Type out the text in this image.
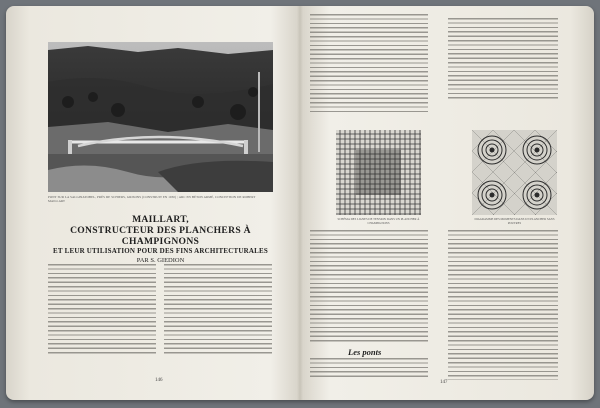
PONT SUR LA SALGINATOBEL, PRÈS DE SCHIERS, GRISONS (CONSTRUIT EN 1930) ; ARC EN BÉTON ARMÉ, CONCEPTION DE ROBERT MAILLART
MAILLART,
CONSTRUCTEUR DES PLANCHERS À CHAMPIGNONS
ET LEUR UTILISATION POUR DES FINS ARCHITECTURALES
PAR S. GIEDION
146
SCHÉMA DES LIGNES DE TENSION DANS UN PLANCHER À CHAMPIGNONS
DIAGRAMME DES MOMENTS DANS UN PLANCHER SANS POUTRES
Les ponts
147
